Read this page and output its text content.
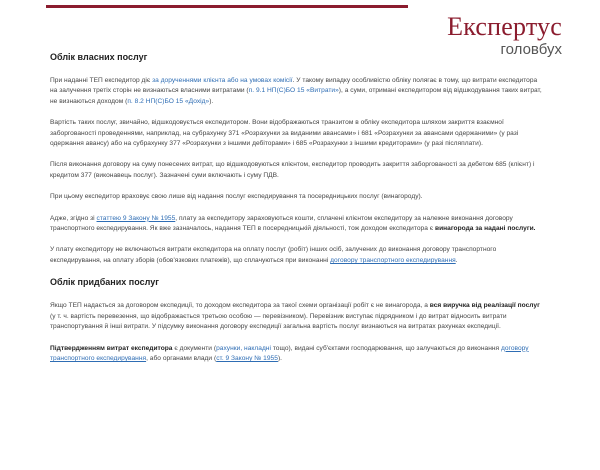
Експертус
головбух
Облік власних послуг

При наданні ТЕП експедитор діє за дорученнями клієнта або на умовах комісії. У такому випадку особливістю обліку полягає в тому, що витрати експедитора на залучення третіх сторін не визнаються власними витратами (п. 9.1 НП(С)БО 15 «Витрати»), а суми, отримані експедитором від відшкодування таких витрат, не визнаються доходом (п. 8.2 НП(С)БО 15 «Дохід»).

Вартість таких послуг, звичайно, відшкодовується експедитором. Вони відображаються транзитом в обліку експедитора шляхом закриття взаємної заборгованості проведеннями, наприклад, на субрахунку 371 «Розрахунки за виданими авансами» і 681 «Розрахунки за авансами одержаними» (у разі одержання авансу) або на субрахунку 377 «Розрахунки з іншими дебіторами» і 685 «Розрахунки з іншими кредиторами» (у разі післяплати).

Після виконання договору на суму понесених витрат, що відшкодовуються клієнтом, експедитор проводить закриття заборгованості за дебетом 685 (клієнт) і кредитом 377 (виконавець послуг). Зазначені суми включають і суму ПДВ.

При цьому експедитор враховує свою лише від надання послуг експедирування та посередницьких послуг (винагороду).

Адже, згідно зі статтею 9 Закону № 1955, плату за експедитору зараховуються кошти, сплачені клієнтом експедитору за належне виконання договору транспортного експедирування. Як вже зазначалось, надання ТЕП в посередницькій діяльності, тож доходом експедитора є винагорода за надані послуги.

У плату експедитору не включаються витрати експедитора на оплату послуг (робіт) інших осіб, залучених до виконання договору транспортного експедирування, на оплату зборів (обов'язкових платежів), що сплачуються при виконанні договору транспортного експедирування.

Облік придбаних послуг

Якщо ТЕП надається за договором експедиції, то доходом експедитора за такої схеми організації робіт є не винагорода, а вся виручка від реалізації послуг (у т. ч. вартість перевезення, що відображається третьою особою — перевізником). Перевізник виступає підрядником і до витрат відносить витрати транспортування й інші витрати. У підсумку виконання договору експедиції загальна вартість послуг визнаються на витратах рахунках експедиції.

Підтвердженням витрат експедитора є документи (рахунки, накладні тощо), видані суб'єктами господарювання, що залучаються до виконання договору транспортного експедирування, або органами влади (ст. 9 Закону № 1955).
